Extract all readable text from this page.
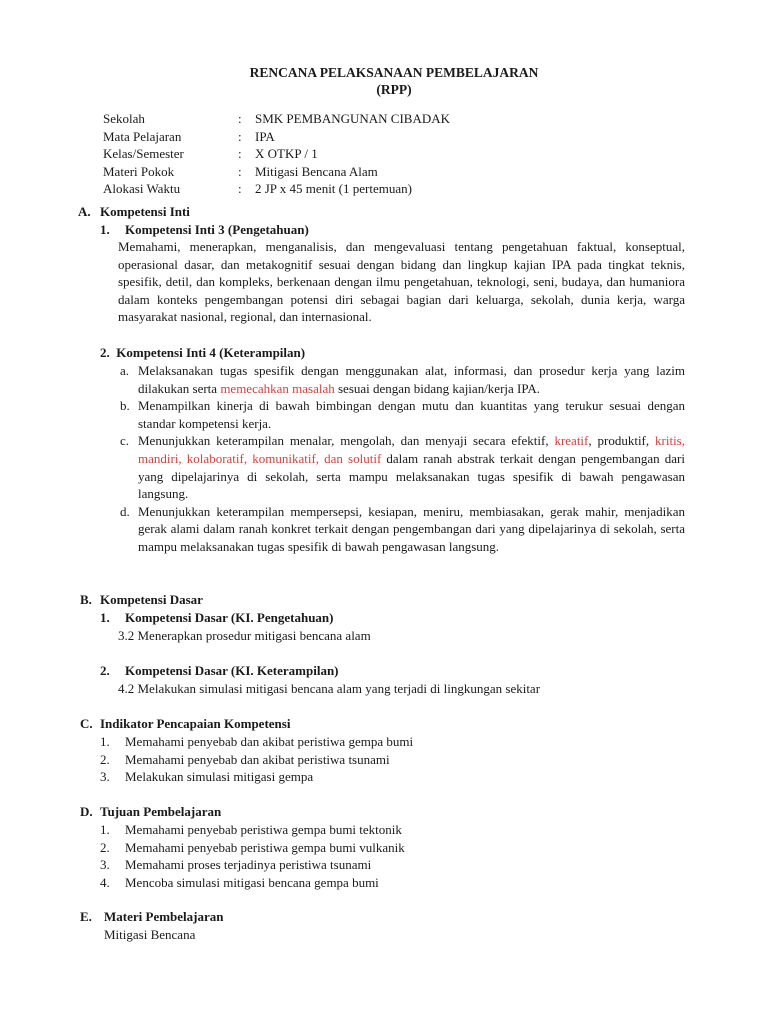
RENCANA PELAKSANAAN PEMBELAJARAN
(RPP)
Sekolah	:	SMK PEMBANGUNAN CIBADAK
Mata Pelajaran	:	IPA
Kelas/Semester	:	X OTKP / 1
Materi Pokok	:	Mitigasi Bencana Alam
Alokasi Waktu	:	2 JP x 45 menit (1 pertemuan)
A. Kompetensi Inti
1. Kompetensi Inti 3 (Pengetahuan)
Memahami, menerapkan, menganalisis, dan mengevaluasi tentang pengetahuan faktual, konseptual, operasional dasar, dan metakognitif sesuai dengan bidang dan lingkup kajian IPA pada tingkat teknis, spesifik, detil, dan kompleks, berkenaan dengan ilmu pengetahuan, teknologi, seni, budaya, dan humaniora dalam konteks pengembangan potensi diri sebagai bagian dari keluarga, sekolah, dunia kerja, warga masyarakat nasional, regional, dan internasional.
2. Kompetensi Inti 4 (Keterampilan)
a. Melaksanakan tugas spesifik dengan menggunakan alat, informasi, dan prosedur kerja yang lazim dilakukan serta memecahkan masalah sesuai dengan bidang kajian/kerja IPA.
b. Menampilkan kinerja di bawah bimbingan dengan mutu dan kuantitas yang terukur sesuai dengan standar kompetensi kerja.
c. Menunjukkan keterampilan menalar, mengolah, dan menyaji secara efektif, kreatif, produktif, kritis, mandiri, kolaboratif, komunikatif, dan solutif dalam ranah abstrak terkait dengan pengembangan dari yang dipelajarinya di sekolah, serta mampu melaksanakan tugas spesifik di bawah pengawasan langsung.
d. Menunjukkan keterampilan mempersepsi, kesiapan, meniru, membiasakan, gerak mahir, menjadikan gerak alami dalam ranah konkret terkait dengan pengembangan dari yang dipelajarinya di sekolah, serta mampu melaksanakan tugas spesifik di bawah pengawasan langsung.
B. Kompetensi Dasar
1. Kompetensi Dasar (KI. Pengetahuan)
3.2 Menerapkan prosedur mitigasi bencana alam
2. Kompetensi Dasar (KI. Keterampilan)
4.2 Melakukan simulasi mitigasi bencana alam yang terjadi di lingkungan sekitar
C. Indikator Pencapaian Kompetensi
1. Memahami penyebab dan akibat peristiwa gempa bumi
2. Memahami penyebab dan akibat peristiwa tsunami
3. Melakukan simulasi mitigasi gempa
D. Tujuan Pembelajaran
1. Memahami penyebab peristiwa gempa bumi tektonik
2. Memahami penyebab peristiwa gempa bumi vulkanik
3. Memahami proses terjadinya peristiwa tsunami
4. Mencoba simulasi mitigasi bencana gempa bumi
E. Materi Pembelajaran
Mitigasi Bencana
